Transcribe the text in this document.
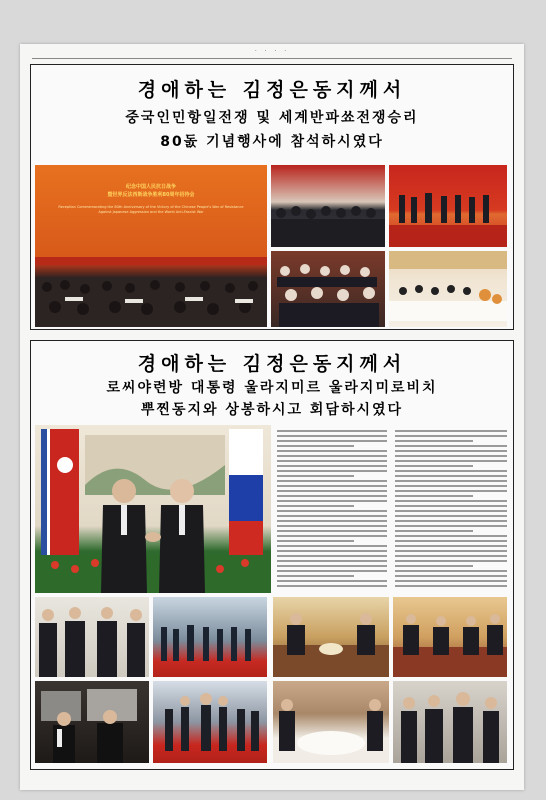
· · · ·
경애하는 김정은동지께서
중국인민항일전쟁 및 세계반파쑈전쟁승리
80돐 기념행사에 참석하시였다
纪念中国人民抗日战争
暨世界反法西斯战争胜利80周年招待会
Reception Commemorating the 80th Anniversary of the Victory of the Chinese People's War of Resistance Against Japanese Aggression and the World Anti-Fascist War
경애하는 김정은동지께서
로씨야련방 대통령 울라지미르 울라지미로비치
뿌찐동지와 상봉하시고 회담하시였다
